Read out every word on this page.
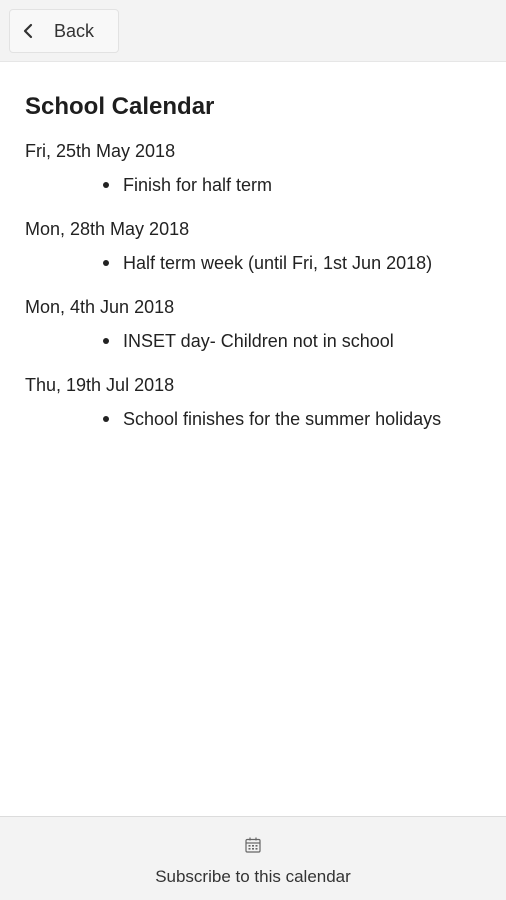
Back
School Calendar

Fri, 25th May 2018

Finish for half term

Mon, 28th May 2018

Half term week (until Fri, 1st Jun 2018)

Mon, 4th Jun 2018

INSET day- Children not in school

Thu, 19th Jul 2018

School finishes for the summer holidays
Subscribe to this calendar
